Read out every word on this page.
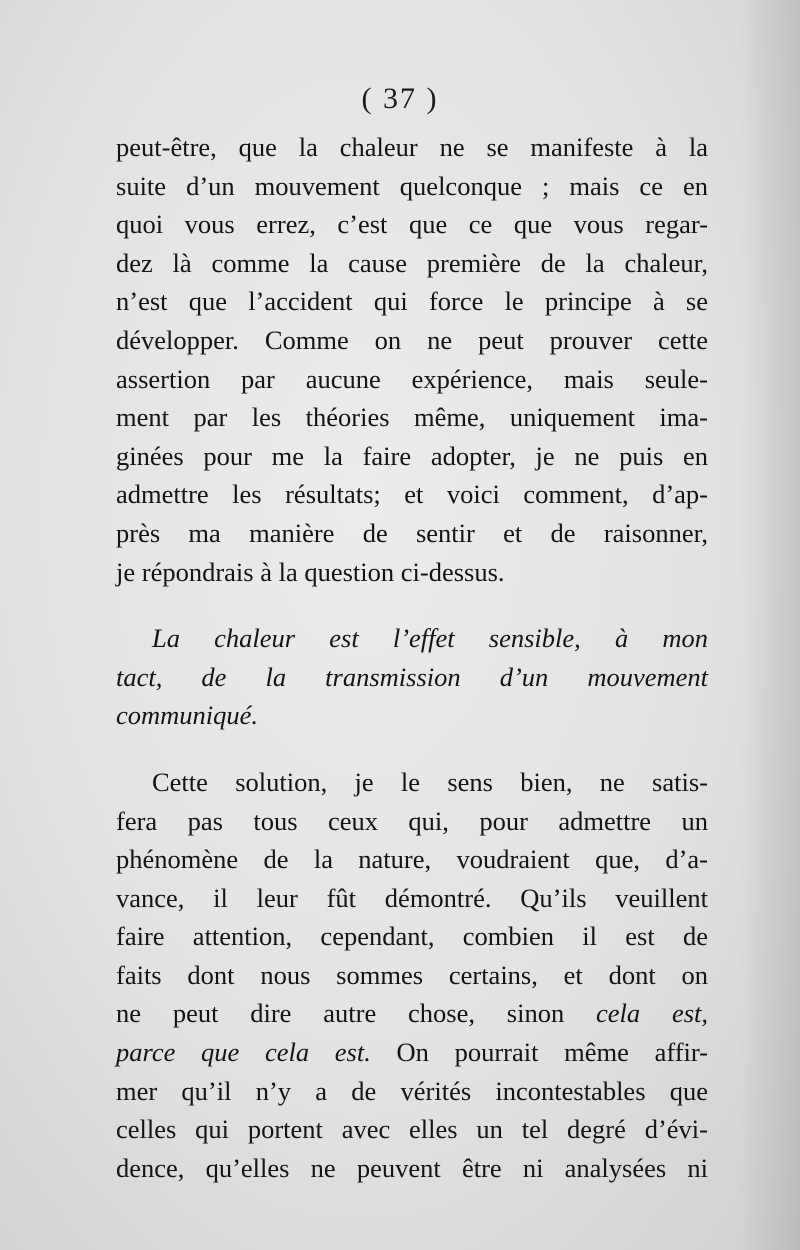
( 37 )
peut-être, que la chaleur ne se manifeste à la
suite d’un mouvement quelconque ; mais ce en
quoi vous errez, c’est que ce que vous regar-
dez là comme la cause première de la chaleur,
n’est que l’accident qui force le principe à se
développer. Comme on ne peut prouver cette
assertion par aucune expérience, mais seule-
ment par les théories même, uniquement ima-
ginées pour me la faire adopter, je ne puis en
admettre les résultats; et voici comment, d’ap-
près ma manière de sentir et de raisonner,
je répondrais à la question ci-dessus.
La chaleur est l’effet sensible, à mon
tact, de la transmission d’un mouvement
communiqué.
Cette solution, je le sens bien, ne satis-
fera pas tous ceux qui, pour admettre un
phénomène de la nature, voudraient que, d’a-
vance, il leur fût démontré. Qu’ils veuillent
faire attention, cependant, combien il est de
faits dont nous sommes certains, et dont on
ne peut dire autre chose, sinon cela est,
parce que cela est. On pourrait même affir-
mer qu’il n’y a de vérités incontestables que
celles qui portent avec elles un tel degré d’évi-
dence, qu’elles ne peuvent être ni analysées ni
